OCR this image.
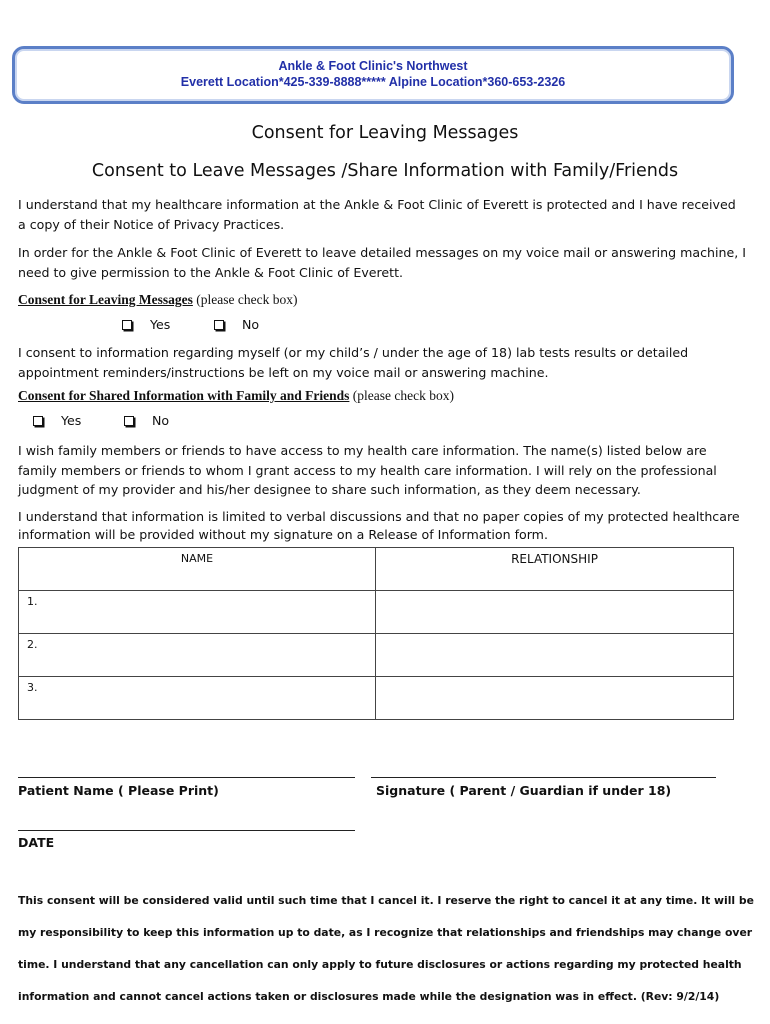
Ankle & Foot Clinic's Northwest
Everett Location*425-339-8888***** Alpine Location*360-653-2326
Consent for Leaving Messages
Consent to Leave Messages /Share Information with Family/Friends
I understand that my healthcare information at the Ankle & Foot Clinic of Everett is protected and I have received a copy of their Notice of Privacy Practices.
In order for the Ankle & Foot Clinic of Everett to leave detailed messages on my voice mail or answering machine, I need to give permission to the Ankle & Foot Clinic of Everett.
Consent for Leaving Messages (please check box)
Yes	No
I consent to information regarding myself (or my child’s / under the age of 18) lab tests results or detailed appointment reminders/instructions be left on my voice mail or answering machine.
Consent for Shared Information with Family and Friends (please check box)
Yes	No
I wish family members or friends to have access to my health care information. The name(s) listed below are family members or friends to whom I grant access to my health care information. I will rely on the professional judgment of my provider and his/her designee to share such information, as they deem necessary.
I understand that information is limited to verbal discussions and that no paper copies of my protected healthcare information will be provided without my signature on a Release of Information form.
NAME	RELATIONSHIP
1.	
2.	
3.	
Patient Name ( Please Print)	Signature ( Parent / Guardian if under 18)
DATE
This consent will be considered valid until such time that I cancel it. I reserve the right to cancel it at any time. It will be my responsibility to keep this information up to date, as I recognize that relationships and friendships may change over time. I understand that any cancellation can only apply to future disclosures or actions regarding my protected health information and cannot cancel actions taken or disclosures made while the designation was in effect. (Rev: 9/2/14)
